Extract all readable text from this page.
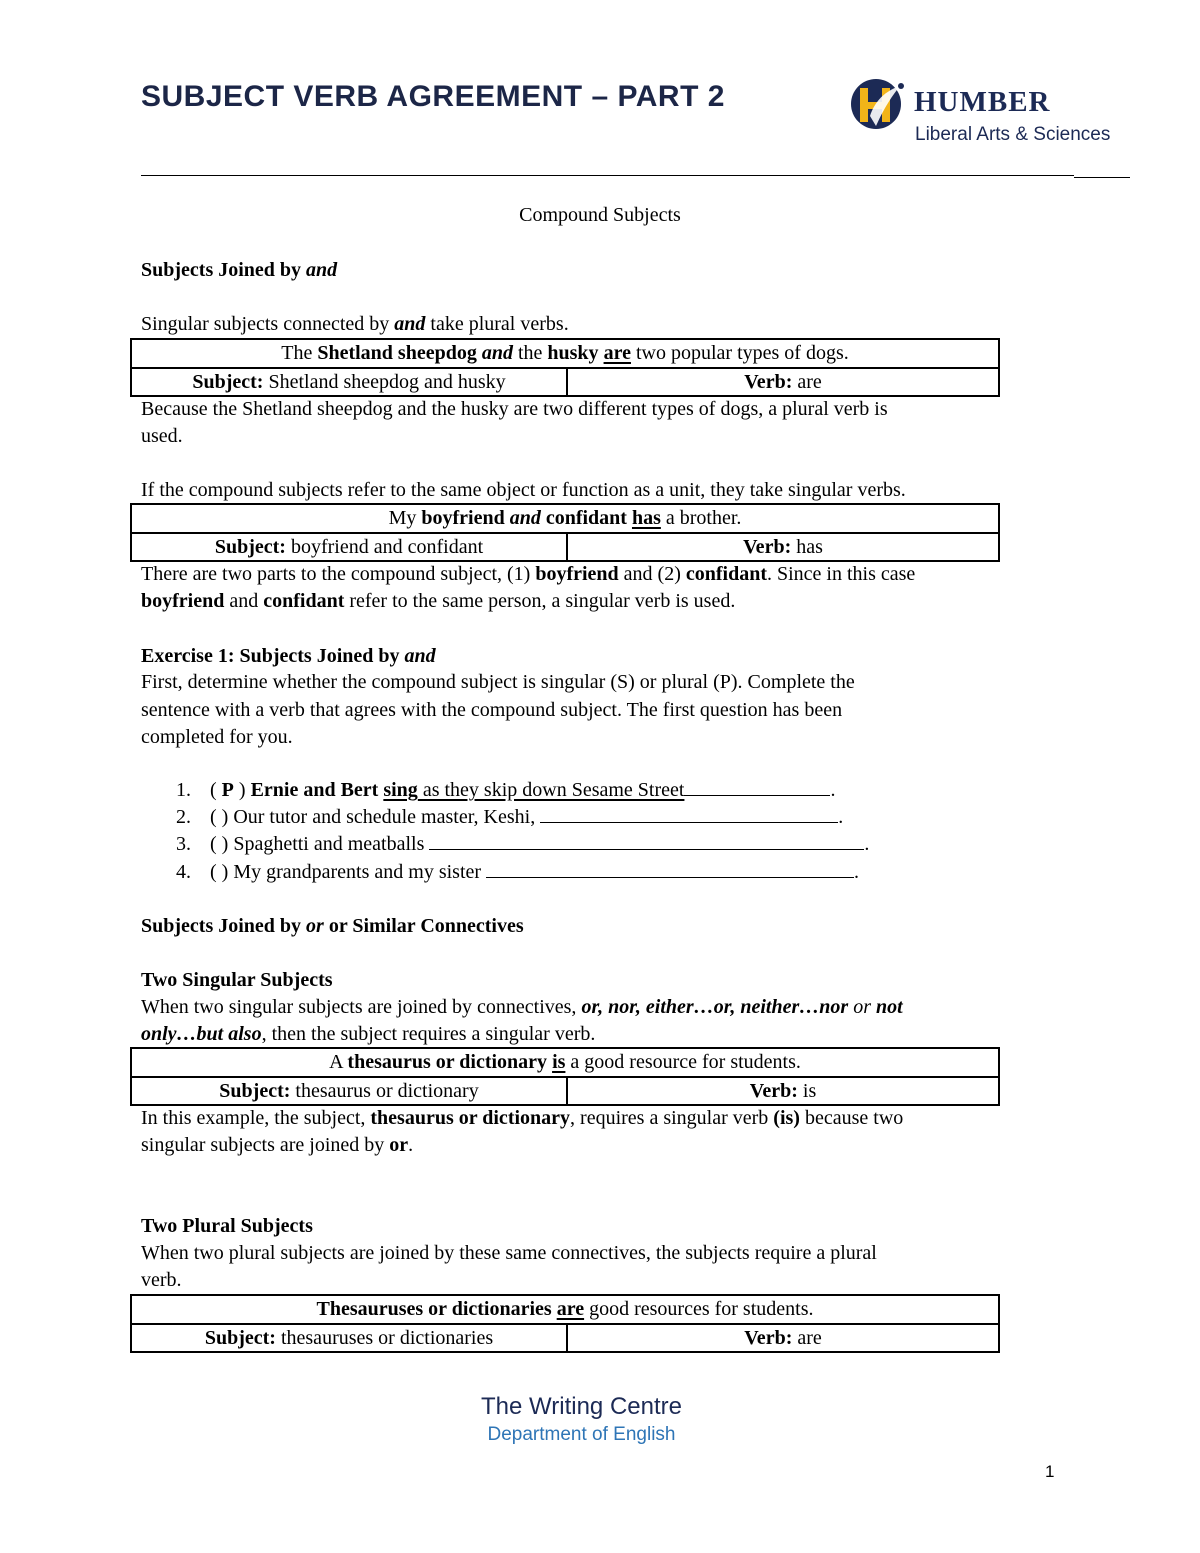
SUBJECT VERB AGREEMENT – PART 2	HUMBER
Liberal Arts & Sciences
Compound Subjects
Subjects Joined by and
Singular subjects connected by and take plural verbs.
The Shetland sheepdog and the husky are two popular types of dogs.
Subject: Shetland sheepdog and husky	Verb: are
Because the Shetland sheepdog and the husky are two different types of dogs, a plural verb is
used.
If the compound subjects refer to the same object or function as a unit, they take singular verbs.
My boyfriend and confidant has a brother.
Subject: boyfriend and confidant	Verb: has
There are two parts to the compound subject, (1) boyfriend and (2) confidant. Since in this case
boyfriend and confidant refer to the same person, a singular verb is used.
Exercise 1: Subjects Joined by and
First, determine whether the compound subject is singular (S) or plural (P). Complete the
sentence with a verb that agrees with the compound subject. The first question has been
completed for you.
1. ( P ) Ernie and Bert sing as they skip down Sesame Street	.
2. ( ) Our tutor and schedule master, Keshi,	.
3. ( ) Spaghetti and meatballs	.
4. ( ) My grandparents and my sister	.
Subjects Joined by or or Similar Connectives
Two Singular Subjects
When two singular subjects are joined by connectives, or, nor, either…or, neither…nor or not
only…but also, then the subject requires a singular verb.
A thesaurus or dictionary is a good resource for students.
Subject: thesaurus or dictionary	Verb: is
In this example, the subject, thesaurus or dictionary, requires a singular verb (is) because two
singular subjects are joined by or.
Two Plural Subjects
When two plural subjects are joined by these same connectives, the subjects require a plural
verb.
Thesauruses or dictionaries are good resources for students.
Subject: thesauruses or dictionaries	Verb: are
The Writing Centre
Department of English
1
